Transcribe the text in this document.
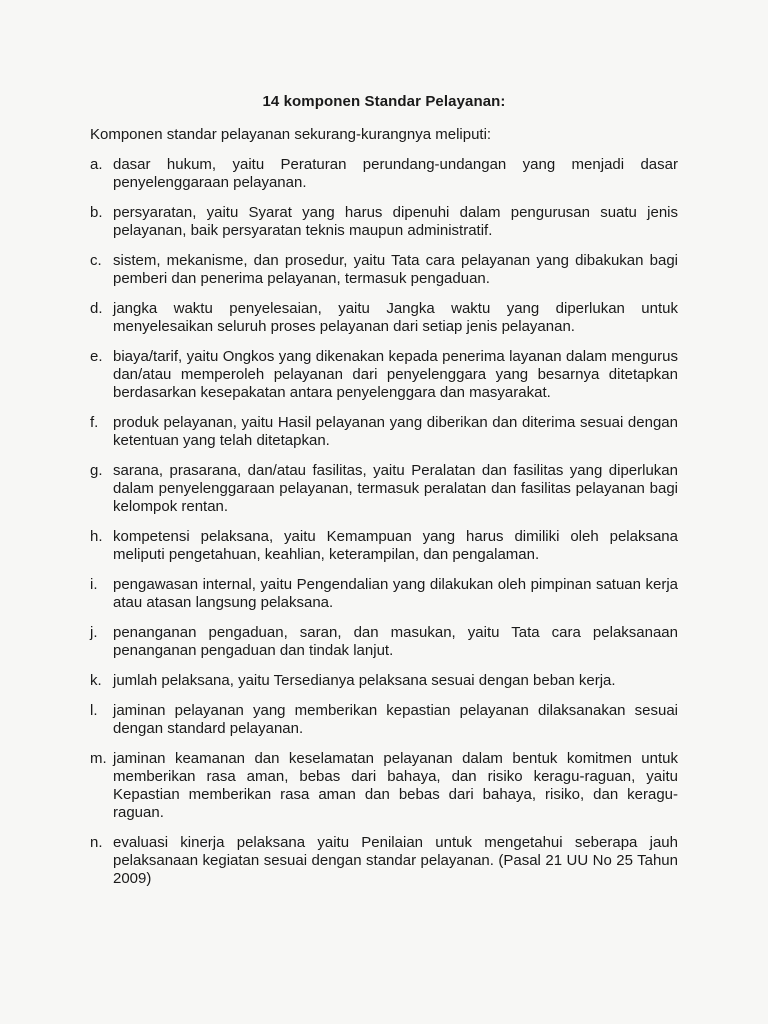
14 komponen Standar Pelayanan:
Komponen standar pelayanan sekurang-kurangnya meliputi:
a. dasar hukum, yaitu Peraturan perundang-undangan yang menjadi dasar penyelenggaraan pelayanan.
b. persyaratan, yaitu Syarat yang harus dipenuhi dalam pengurusan suatu jenis pelayanan, baik persyaratan teknis maupun administratif.
c. sistem, mekanisme, dan prosedur, yaitu Tata cara pelayanan yang dibakukan bagi pemberi dan penerima pelayanan, termasuk pengaduan.
d. jangka waktu penyelesaian, yaitu Jangka waktu yang diperlukan untuk menyelesaikan seluruh proses pelayanan dari setiap jenis pelayanan.
e. biaya/tarif, yaitu Ongkos yang dikenakan kepada penerima layanan dalam mengurus dan/atau memperoleh pelayanan dari penyelenggara yang besarnya ditetapkan berdasarkan kesepakatan antara penyelenggara dan masyarakat.
f. produk pelayanan, yaitu Hasil pelayanan yang diberikan dan diterima sesuai dengan ketentuan yang telah ditetapkan.
g. sarana, prasarana, dan/atau fasilitas, yaitu Peralatan dan fasilitas yang diperlukan dalam penyelenggaraan pelayanan, termasuk peralatan dan fasilitas pelayanan bagi kelompok rentan.
h. kompetensi pelaksana, yaitu Kemampuan yang harus dimiliki oleh pelaksana meliputi pengetahuan, keahlian, keterampilan, dan pengalaman.
i. pengawasan internal, yaitu Pengendalian yang dilakukan oleh pimpinan satuan kerja atau atasan langsung pelaksana.
j. penanganan pengaduan, saran, dan masukan, yaitu Tata cara pelaksanaan penanganan pengaduan dan tindak lanjut.
k. jumlah pelaksana, yaitu Tersedianya pelaksana sesuai dengan beban kerja.
l. jaminan pelayanan yang memberikan kepastian pelayanan dilaksanakan sesuai dengan standard pelayanan.
m. jaminan keamanan dan keselamatan pelayanan dalam bentuk komitmen untuk memberikan rasa aman, bebas dari bahaya, dan risiko keragu-raguan, yaitu Kepastian memberikan rasa aman dan bebas dari bahaya, risiko, dan keragu-raguan.
n. evaluasi kinerja pelaksana yaitu Penilaian untuk mengetahui seberapa jauh pelaksanaan kegiatan sesuai dengan standar pelayanan. (Pasal 21 UU No 25 Tahun 2009)
